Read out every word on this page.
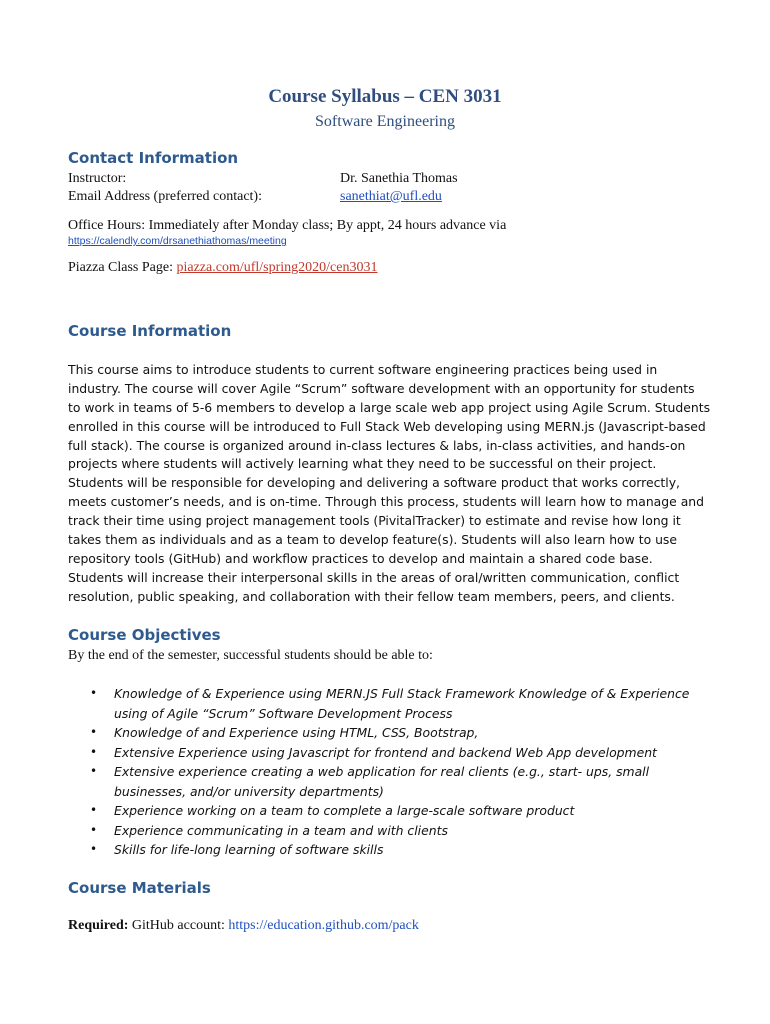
Course Syllabus – CEN 3031
Software Engineering
Contact Information
Instructor:	Dr. Sanethia Thomas
Email Address (preferred contact):	sanethiat@ufl.edu
Office Hours: Immediately after Monday class; By appt, 24 hours advance via
https://calendly.com/drsanethiathomas/meeting
Piazza Class Page: piazza.com/ufl/spring2020/cen3031
Course Information
This course aims to introduce students to current software engineering practices being used in
industry. The course will cover Agile “Scrum” software development with an opportunity for students
to work in teams of 5-6 members to develop a large scale web app project using Agile Scrum. Students
enrolled in this course will be introduced to Full Stack Web developing using MERN.js (Javascript-based
full stack). The course is organized around in-class lectures & labs, in-class activities, and hands-on
projects where students will actively learning what they need to be successful on their project.
Students will be responsible for developing and delivering a software product that works correctly,
meets customer’s needs, and is on-time. Through this process, students will learn how to manage and
track their time using project management tools (PivitalTracker) to estimate and revise how long it
takes them as individuals and as a team to develop feature(s). Students will also learn how to use
repository tools (GitHub) and workflow practices to develop and maintain a shared code base.
Students will increase their interpersonal skills in the areas of oral/written communication, conflict
resolution, public speaking, and collaboration with their fellow team members, peers, and clients.
Course Objectives
By the end of the semester, successful students should be able to:
• Knowledge of & Experience using MERN.JS Full Stack Framework Knowledge of & Experience
using of Agile “Scrum” Software Development Process
• Knowledge of and Experience using HTML, CSS, Bootstrap,
• Extensive Experience using Javascript for frontend and backend Web App development
• Extensive experience creating a web application for real clients (e.g., start- ups, small
businesses, and/or university departments)
• Experience working on a team to complete a large-scale software product
• Experience communicating in a team and with clients
• Skills for life-long learning of software skills
Course Materials
Required: GitHub account: https://education.github.com/pack
